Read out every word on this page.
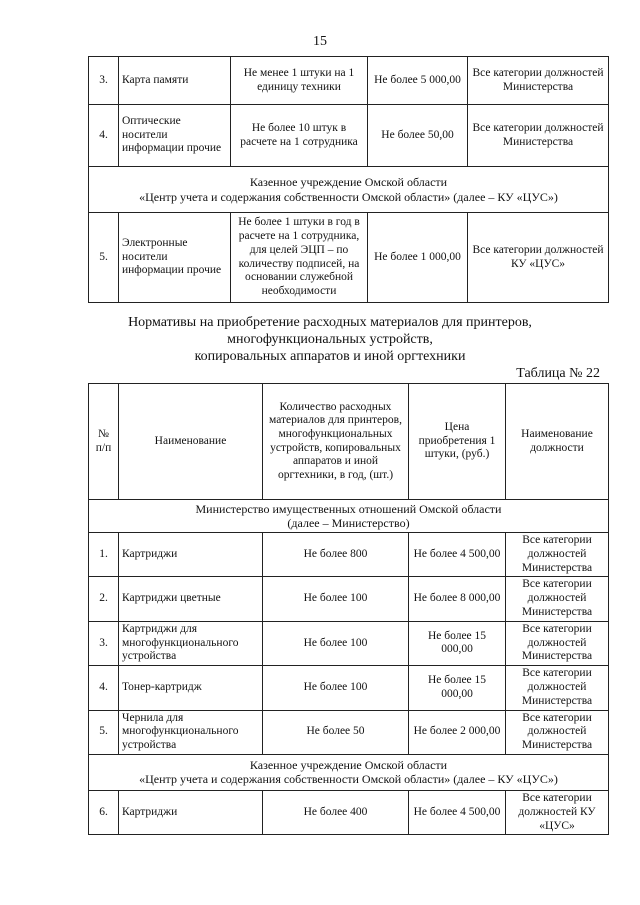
15
3.	Карта памяти	Не менее 1 штуки на 1 единицу техники	Не более 5 000,00	Все категории должностей Министерства
4.	Оптические носители информации прочие	Не более 10 штук в расчете на 1 сотрудника	Не более 50,00	Все категории должностей Министерства

Казенное учреждение Омской области
«Центр учета и содержания собственности Омской области» (далее – КУ «ЦУС»)				

5.	Электронные носители информации прочие	Не более 1 штуки в год в расчете на 1 сотрудника, для целей ЭЦП – по количеству подписей, на основании служебной необходимости	Не более 1 000,00	Все категории должностей КУ «ЦУС»
Нормативы на приобретение расходных материалов для принтеров,
многофункциональных устройств,
копировальных аппаратов и иной оргтехники
Таблица № 22
№ п/п	Наименование	Количество расходных материалов для принтеров, многофункциональных устройств, копировальных аппаратов и иной оргтехники, в год, (шт.)	Цена приобретения 1 штуки, (руб.)	Наименование должности

Министерство имущественных отношений Омской области
(далее – Министерство)				

1.	Картриджи	Не более 800	Не более 4 500,00	Все категории должностей Министерства
2.	Картриджи цветные	Не более 100	Не более 8 000,00	Все категории должностей Министерства
3.	Картриджи для многофункционального устройства	Не более 100	Не более 15 000,00	Все категории должностей Министерства
4.	Тонер-картридж	Не более 100	Не более 15 000,00	Все категории должностей Министерства
5.	Чернила для многофункционального устройства	Не более 50	Не более 2 000,00	Все категории должностей Министерства

Казенное учреждение Омской области
«Центр учета и содержания собственности Омской области» (далее – КУ «ЦУС»)				

6.	Картриджи	Не более 400	Не более 4 500,00	Все категории должностей КУ «ЦУС»
